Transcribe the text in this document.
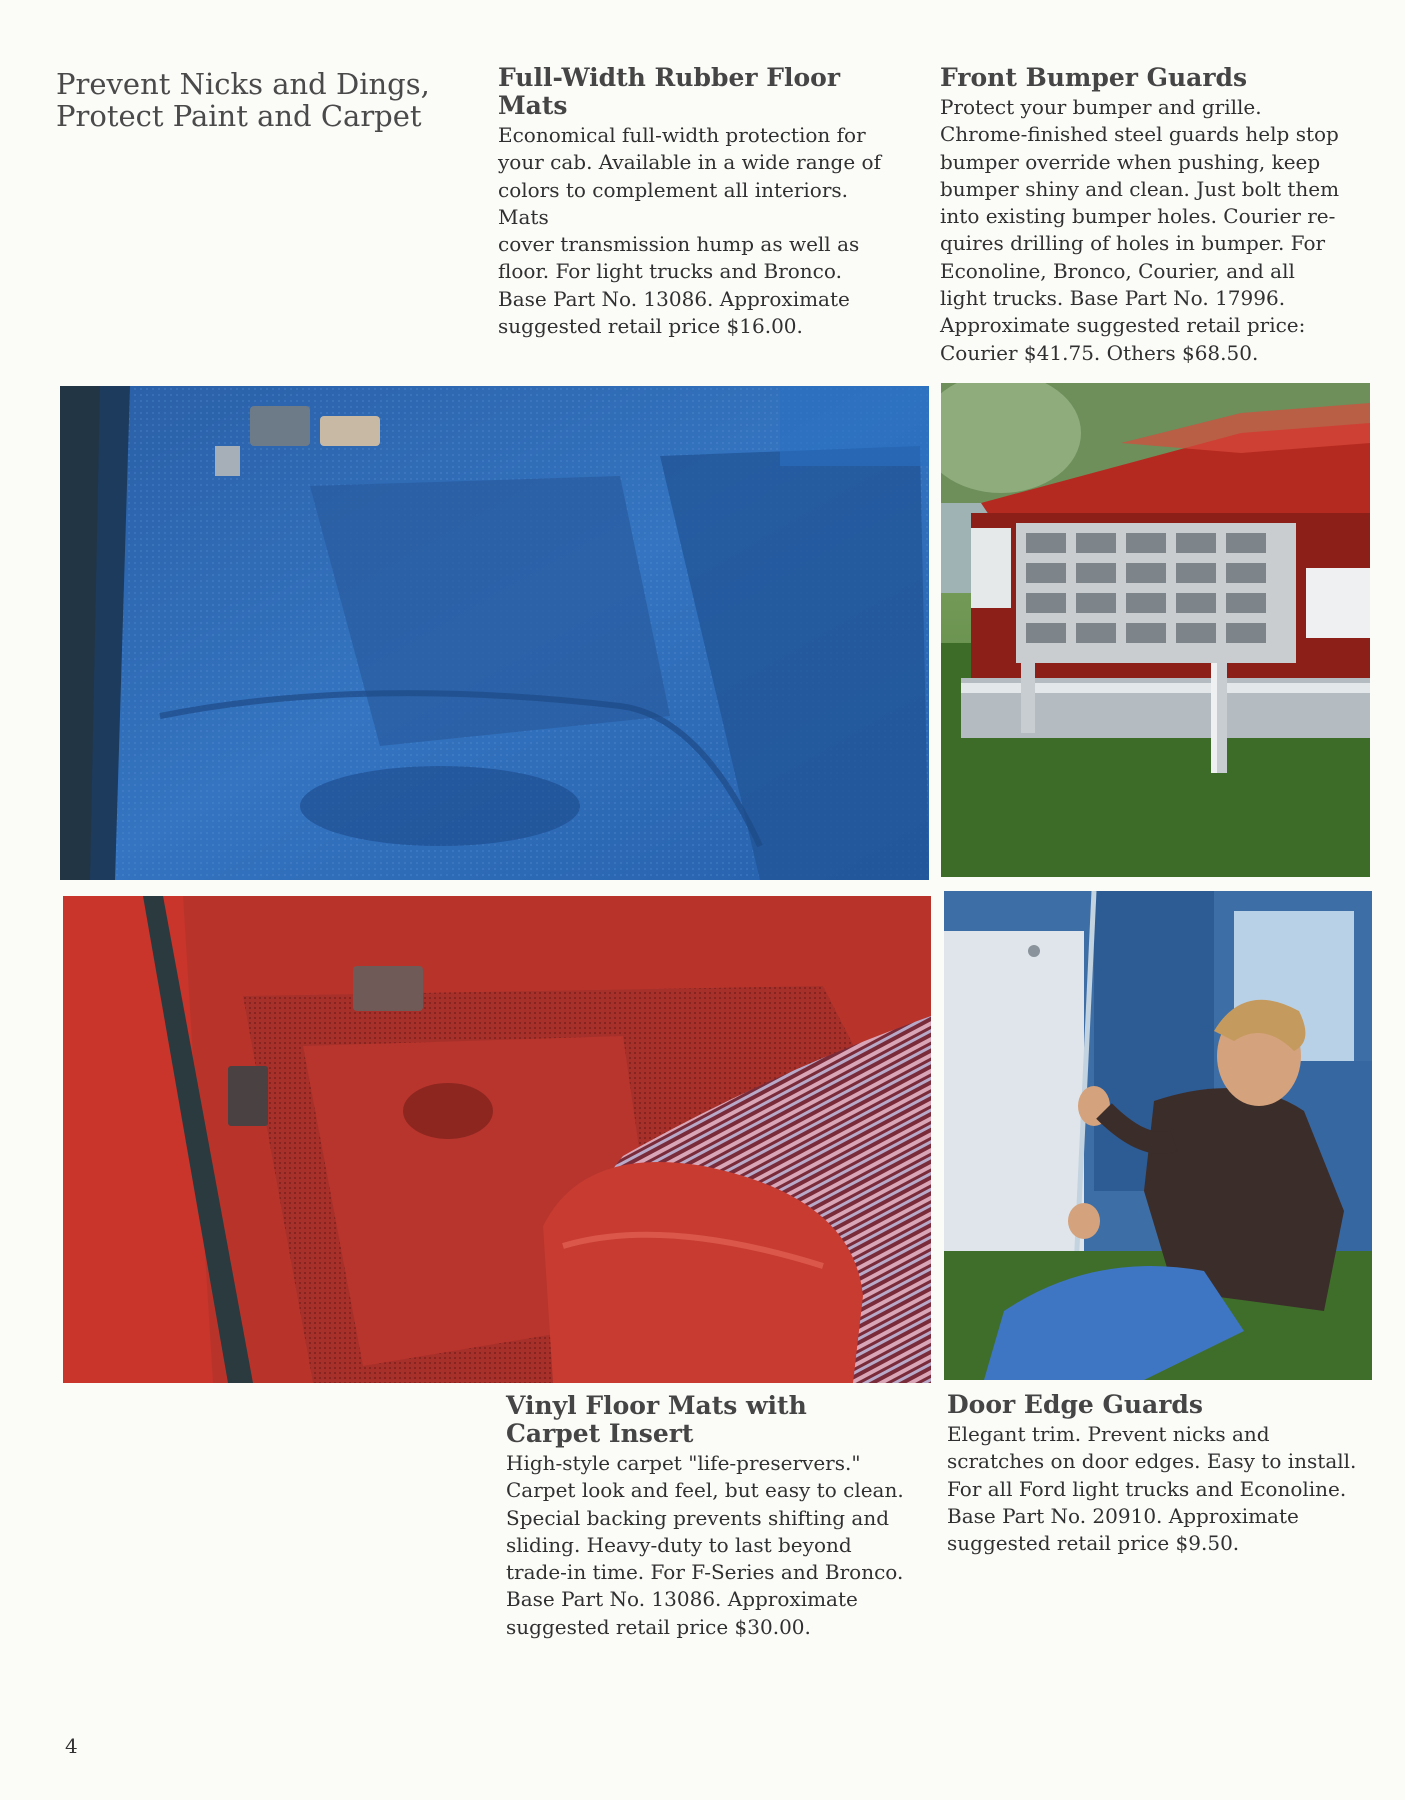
Prevent Nicks and Dings, Protect Paint and Carpet
Full-Width Rubber Floor Mats

Economical full-width protection for
your cab. Available in a wide range of
colors to complement all interiors. Mats
cover transmission hump as well as
floor. For light trucks and Bronco.
Base Part No. 13086. Approximate
suggested retail price $16.00.

Front Bumper Guards

Protect your bumper and grille.
Chrome-finished steel guards help stop
bumper override when pushing, keep
bumper shiny and clean. Just bolt them
into existing bumper holes. Courier re-
quires drilling of holes in bumper. For
Econoline, Bronco, Courier, and all
light trucks. Base Part No. 17996.
Approximate suggested retail price:
Courier $41.75. Others $68.50.

Vinyl Floor Mats with
Carpet Insert

High-style carpet "life-preservers."
Carpet look and feel, but easy to clean.
Special backing prevents shifting and
sliding. Heavy-duty to last beyond
trade-in time. For F-Series and Bronco.
Base Part No. 13086. Approximate
suggested retail price $30.00.

Door Edge Guards

Elegant trim. Prevent nicks and
scratches on door edges. Easy to install.
For all Ford light trucks and Econoline.
Base Part No. 20910. Approximate
suggested retail price $9.50.

4
